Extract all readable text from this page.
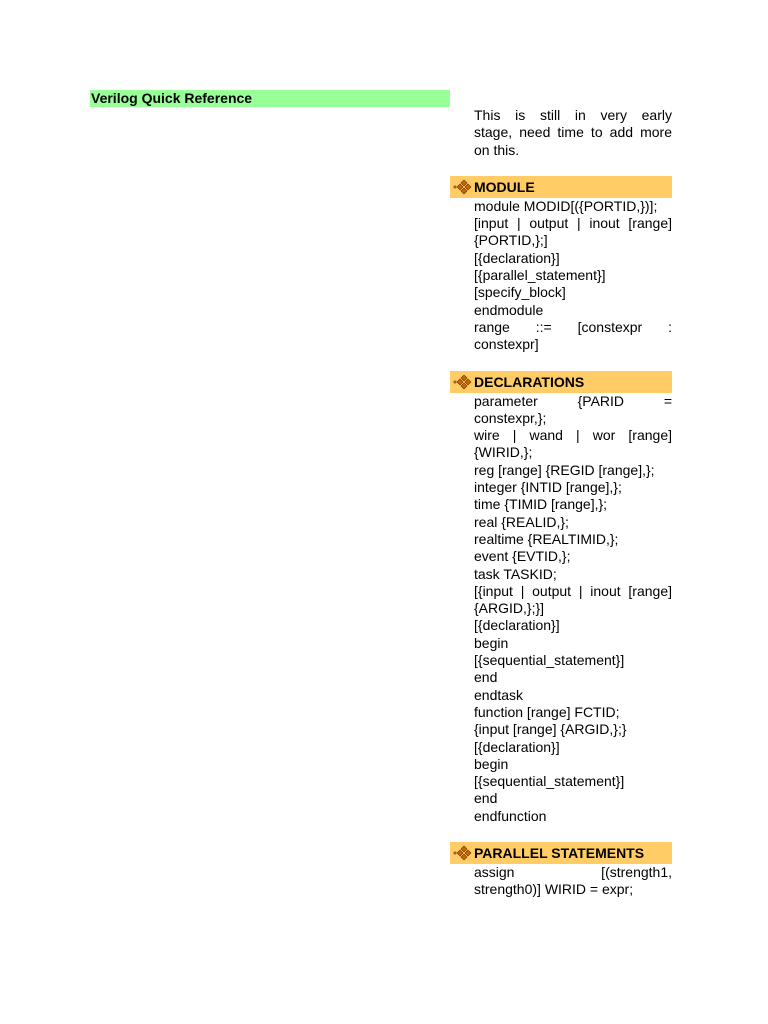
Verilog Quick Reference
This is still in very early
stage, need time to add more
on this.
MODULE
module MODID[({PORTID,})];
[input | output | inout [range]
{PORTID,};]
[{declaration}]
[{parallel_statement}]
[specify_block]
endmodule
range ::= [constexpr :
constexpr]
DECLARATIONS
parameter {PARID =
constexpr,};
wire | wand | wor [range]
{WIRID,};
reg [range] {REGID [range],};
integer {INTID [range],};
time {TIMID [range],};
real {REALID,};
realtime {REALTIMID,};
event {EVTID,};
task TASKID;
[{input | output | inout [range]
{ARGID,};}]
[{declaration}]
begin
[{sequential_statement}]
end
endtask
function [range] FCTID;
{input [range] {ARGID,};}
[{declaration}]
begin
[{sequential_statement}]
end
endfunction
PARALLEL STATEMENTS
assign [(strength1,
strength0)] WIRID = expr;
